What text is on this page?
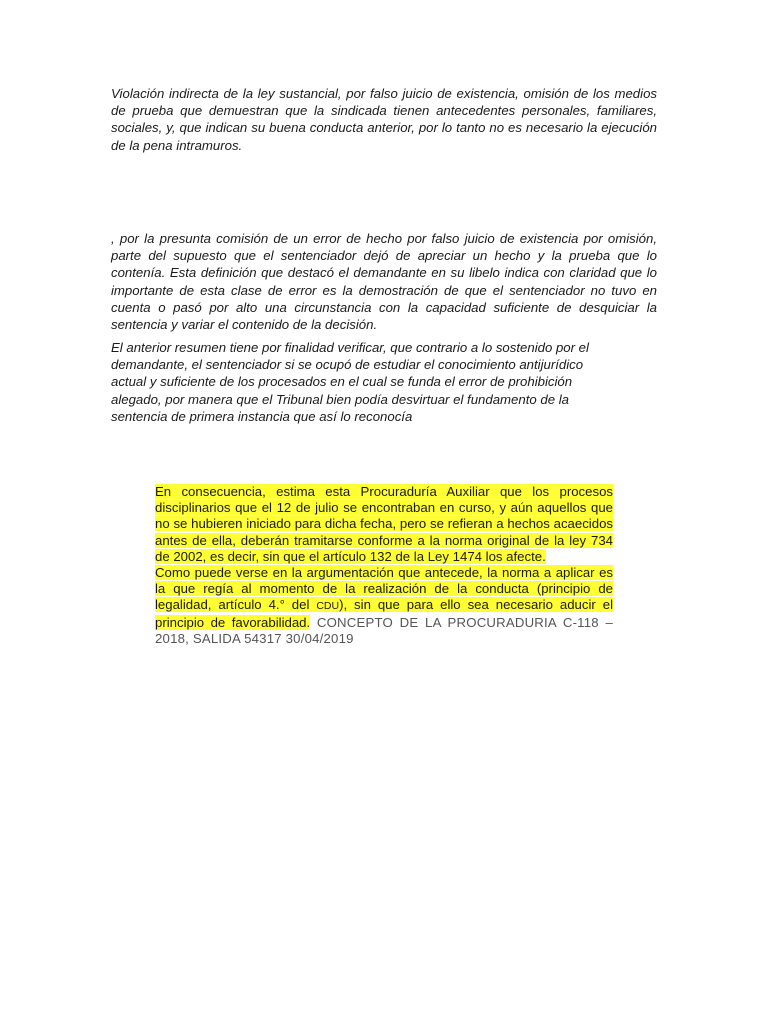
Violación indirecta de la ley sustancial, por falso juicio de existencia, omisión de los medios de prueba que demuestran que la sindicada tienen antecedentes personales, familiares, sociales, y, que indican su buena conducta anterior, por lo tanto no es necesario la ejecución de la pena intramuros.

, por la presunta comisión de un error de hecho por falso juicio de existencia por omisión, parte del supuesto que el sentenciador dejó de apreciar un hecho y la prueba que lo contenía. Esta definición que destacó el demandante en su libelo indica con claridad que lo importante de esta clase de error es la demostración de que el sentenciador no tuvo en cuenta o pasó por alto una circunstancia con la capacidad suficiente de desquiciar la sentencia y variar el contenido de la decisión.

El anterior resumen tiene por finalidad verificar, que contrario a lo sostenido por el demandante, el sentenciador si se ocupó de estudiar el conocimiento antijurídico actual y suficiente de los procesados en el cual se funda el error de prohibición alegado, por manera que el Tribunal bien podía desvirtuar el fundamento de la sentencia de primera instancia que así lo reconocía

En consecuencia, estima esta Procuraduría Auxiliar que los procesos disciplinarios que el 12 de julio se encontraban en curso, y aún aquellos que no se hubieren iniciado para dicha fecha, pero se refieran a hechos acaecidos antes de ella, deberán tramitarse conforme a la norma original de la ley 734 de 2002, es decir, sin que el artículo 132 de la Ley 1474 los afecte.
Como puede verse en la argumentación que antecede, la norma a aplicar es la que regía al momento de la realización de la conducta (principio de legalidad, artículo 4.° del CDU), sin que para ello sea necesario aducir el principio de favorabilidad. CONCEPTO DE LA PROCURADURIA C-118 – 2018, SALIDA 54317 30/04/2019
